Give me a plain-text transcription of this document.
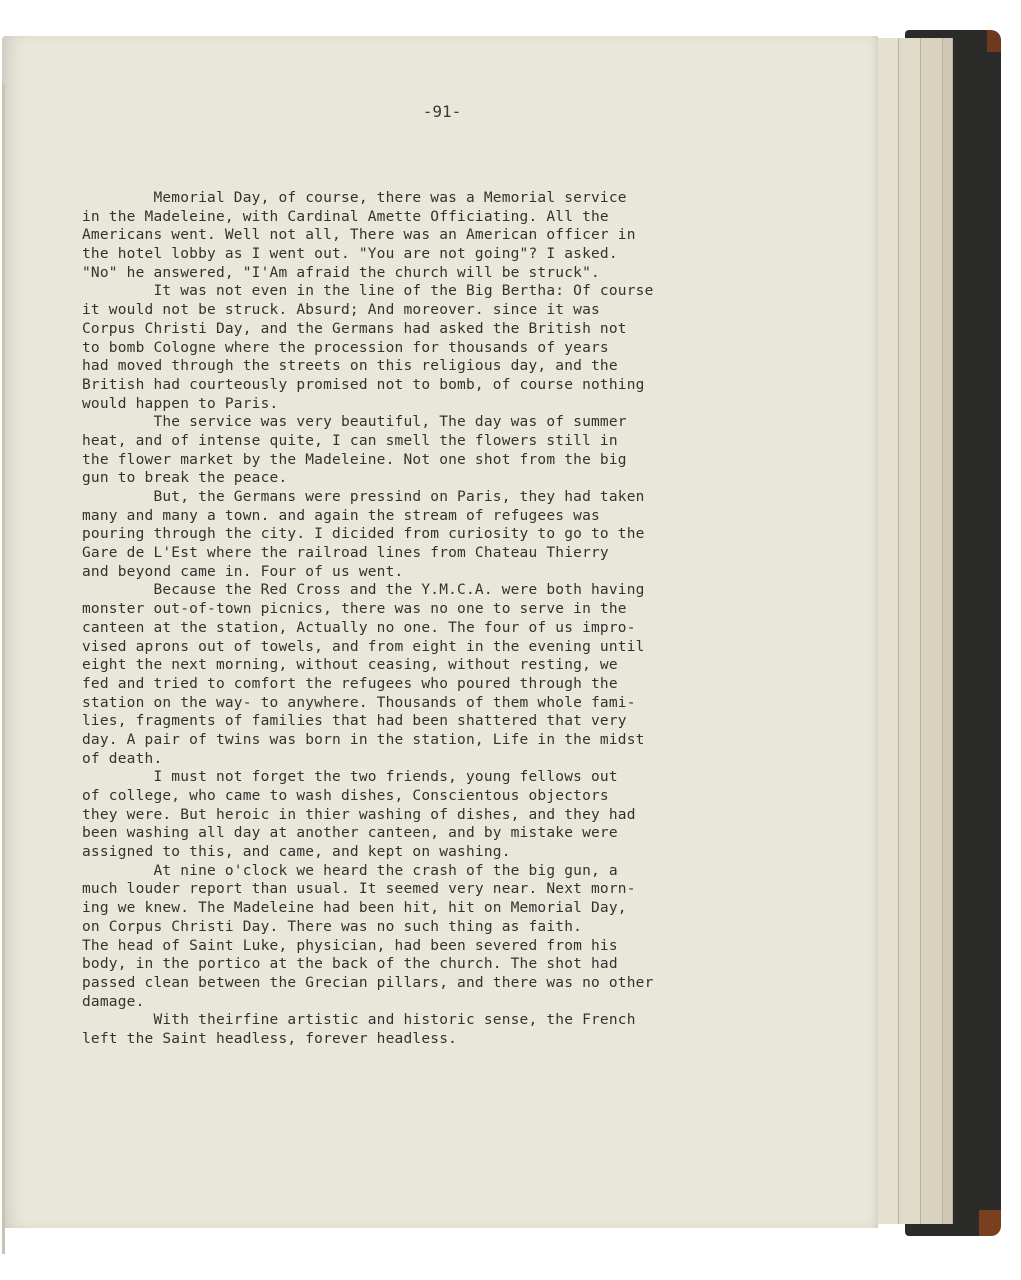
-91-
Memorial Day, of course, there was a Memorial service
in the Madeleine, with Cardinal Amette Officiating. All the
Americans went. Well not all, There was an American officer in
the hotel lobby as I went out. "You are not going"? I asked.
"No" he answered, "I'Am afraid the church will be struck".
It was not even in the line of the Big Bertha: Of course
it would not be struck. Absurd; And moreover. since it was
Corpus Christi Day, and the Germans had asked the British not
to bomb Cologne where the procession for thousands of years
had moved through the streets on this religious day, and the
British had courteously promised not to bomb, of course nothing
would happen to Paris.
The service was very beautiful, The day was of summer
heat, and of intense quite, I can smell the flowers still in
the flower market by the Madeleine. Not one shot from the big
gun to break the peace.
But, the Germans were pressind on Paris, they had taken
many and many a town. and again the stream of refugees was
pouring through the city. I dicided from curiosity to go to the
Gare de L'Est where the railroad lines from Chateau Thierry
and beyond came in. Four of us went.
Because the Red Cross and the Y.M.C.A. were both having
monster out-of-town picnics, there was no one to serve in the
canteen at the station, Actually no one. The four of us impro-
vised aprons out of towels, and from eight in the evening until
eight the next morning, without ceasing, without resting, we
fed and tried to comfort the refugees who poured through the
station on the way- to anywhere. Thousands of them whole fami-
lies, fragments of families that had been shattered that very
day. A pair of twins was born in the station, Life in the midst
of death.
I must not forget the two friends, young fellows out
of college, who came to wash dishes, Conscientous objectors
they were. But heroic in thier washing of dishes, and they had
been washing all day at another canteen, and by mistake were
assigned to this, and came, and kept on washing.
At nine o'clock we heard the crash of the big gun, a
much louder report than usual. It seemed very near. Next morn-
ing we knew. The Madeleine had been hit, hit on Memorial Day,
on Corpus Christi Day. There was no such thing as faith.
The head of Saint Luke, physician, had been severed from his
body, in the portico at the back of the church. The shot had
passed clean between the Grecian pillars, and there was no other
damage.
With theirfine artistic and historic sense, the French
left the Saint headless, forever headless.
